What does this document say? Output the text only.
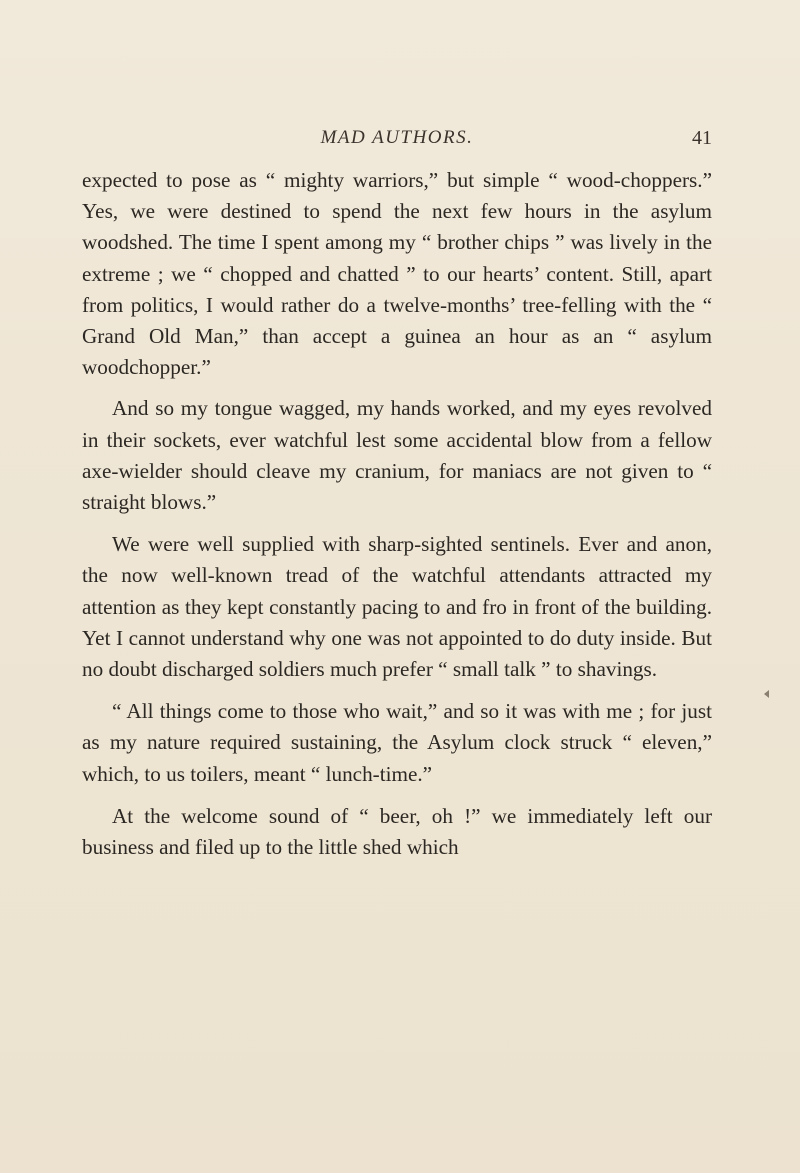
MAD AUTHORS.	41

expected to pose as “ mighty warriors,” but simple “ wood-choppers.” Yes, we were destined to spend the next few hours in the asylum woodshed. The time I spent among my “ brother chips ” was lively in the extreme ; we “ chopped and chatted ” to our hearts’ content. Still, apart from politics, I would rather do a twelve-months’ tree-felling with the “ Grand Old Man,” than accept a guinea an hour as an “ asylum woodchopper.”

And so my tongue wagged, my hands worked, and my eyes revolved in their sockets, ever watchful lest some accidental blow from a fellow axe-wielder should cleave my cranium, for maniacs are not given to “ straight blows.”

We were well supplied with sharp-sighted sentinels. Ever and anon, the now well-known tread of the watchful attendants attracted my attention as they kept constantly pacing to and fro in front of the building. Yet I cannot understand why one was not appointed to do duty inside. But no doubt discharged soldiers much prefer “ small talk ” to shavings.

“ All things come to those who wait,” and so it was with me ; for just as my nature required sustaining, the Asylum clock struck “ eleven,” which, to us toilers, meant “ lunch-time.”

At the welcome sound of “ beer, oh !” we immediately left our business and filed up to the little shed which
